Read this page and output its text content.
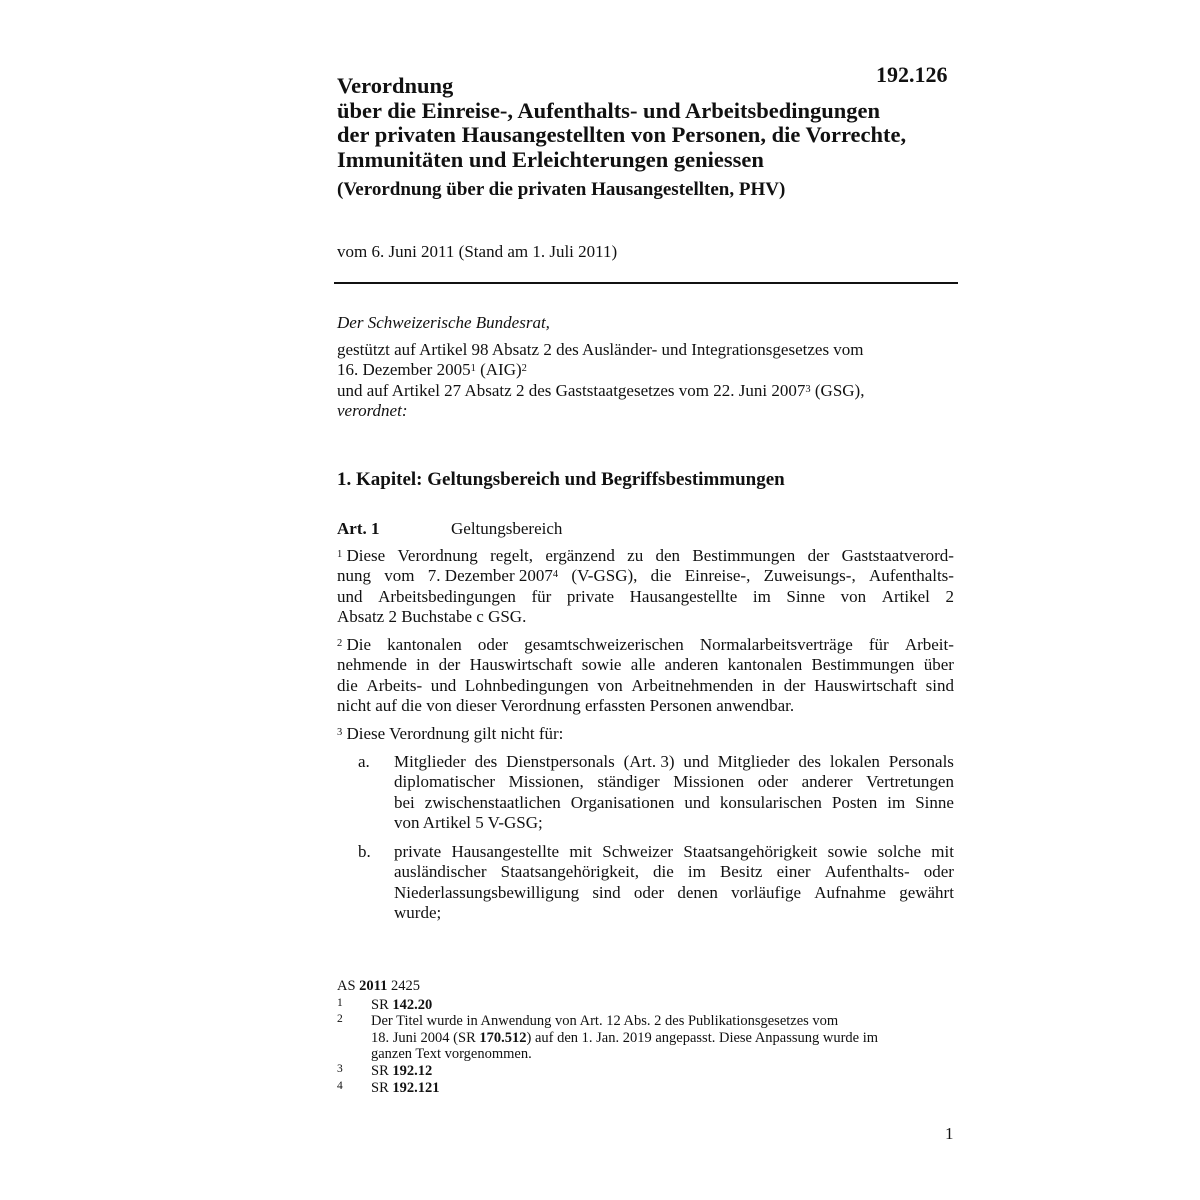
192.126
Verordnung
über die Einreise-, Aufenthalts- und Arbeitsbedingungen
der privaten Hausangestellten von Personen, die Vorrechte,
Immunitäten und Erleichterungen geniessen
(Verordnung über die privaten Hausangestellten, PHV)
vom 6. Juni 2011 (Stand am 1. Juli 2011)
Der Schweizerische Bundesrat,
gestützt auf Artikel 98 Absatz 2 des Ausländer- und Integrationsgesetzes vom
16. Dezember 2005$^1$ (AIG)$^2$
und auf Artikel 27 Absatz 2 des Gaststaatgesetzes vom 22. Juni 2007$^3$ (GSG),
verordnet:
1. Kapitel: Geltungsbereich und Begriffsbestimmungen
Art. 1	Geltungsbereich
$^1$ Diese Verordnung regelt, ergänzend zu den Bestimmungen der Gaststaatverord-
nung vom 7. Dezember 2007$^4$ (V-GSG), die Einreise-, Zuweisungs-, Aufenthalts-
und Arbeitsbedingungen für private Hausangestellte im Sinne von Artikel 2
Absatz 2 Buchstabe c GSG.
$^2$ Die kantonalen oder gesamtschweizerischen Normalarbeitsverträge für Arbeit-
nehmende in der Hauswirtschaft sowie alle anderen kantonalen Bestimmungen über
die Arbeits- und Lohnbedingungen von Arbeitnehmenden in der Hauswirtschaft sind
nicht auf die von dieser Verordnung erfassten Personen anwendbar.
$^3$ Diese Verordnung gilt nicht für:
a. Mitglieder des Dienstpersonals (Art. 3) und Mitglieder des lokalen Personals
diplomatischer Missionen, ständiger Missionen oder anderer Vertretungen
bei zwischenstaatlichen Organisationen und konsularischen Posten im Sinne
von Artikel 5 V-GSG;
b. private Hausangestellte mit Schweizer Staatsangehörigkeit sowie solche mit
ausländischer Staatsangehörigkeit, die im Besitz einer Aufenthalts- oder
Niederlassungsbewilligung sind oder denen vorläufige Aufnahme gewährt
wurde;
AS 2011 2425
1 SR 142.20
2 Der Titel wurde in Anwendung von Art. 12 Abs. 2 des Publikationsgesetzes vom
18. Juni 2004 (SR 170.512) auf den 1. Jan. 2019 angepasst. Diese Anpassung wurde im
ganzen Text vorgenommen.
3 SR 192.12
4 SR 192.121
1
